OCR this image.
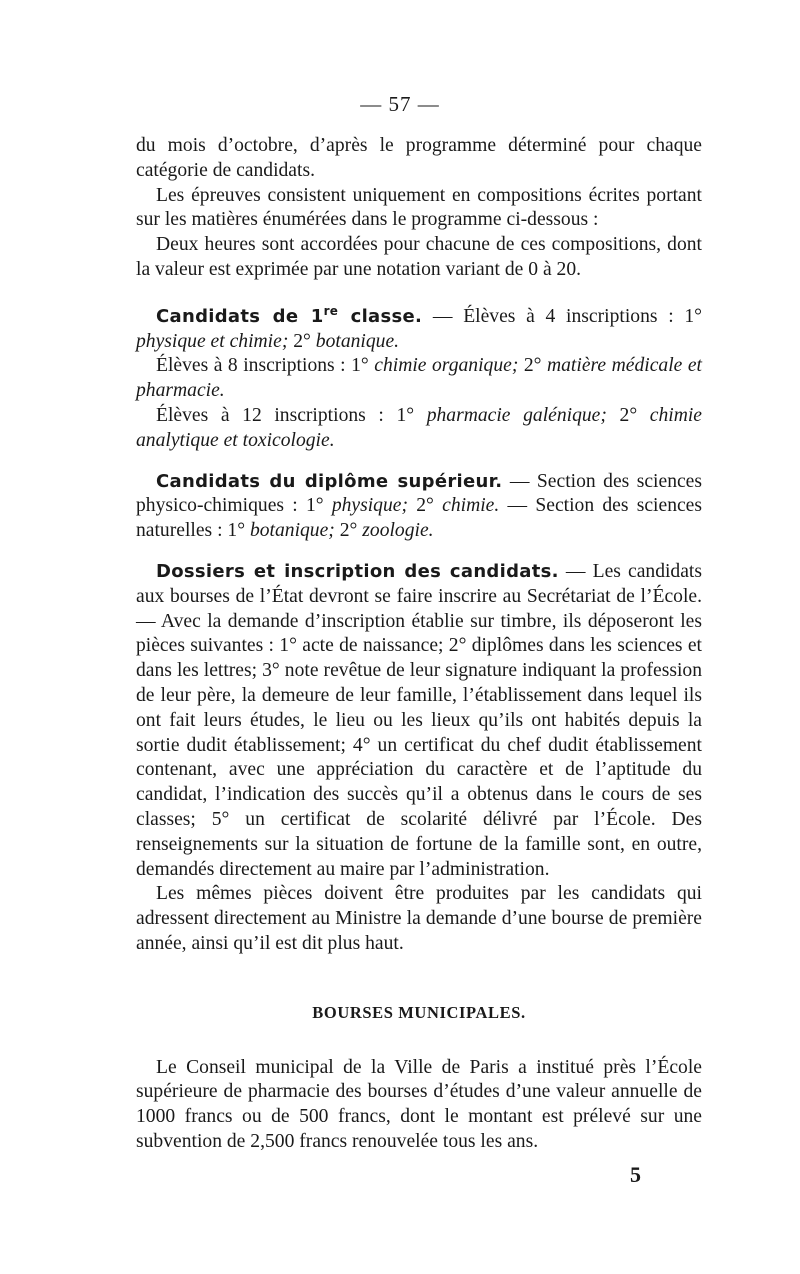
— 57 —

du mois d’octobre, d’après le programme déterminé pour chaque catégorie de candidats.

Les épreuves consistent uniquement en compositions écrites portant sur les matières énumérées dans le programme ci-dessous :

Deux heures sont accordées pour chacune de ces compositions, dont la valeur est exprimée par une notation variant de 0 à 20.

Candidats de 1re classe. — Élèves à 4 inscriptions : 1° physique et chimie; 2° botanique.

Élèves à 8 inscriptions : 1° chimie organique; 2° matière médicale et pharmacie.

Élèves à 12 inscriptions : 1° pharmacie galénique; 2° chimie analytique et toxicologie.

Candidats du diplôme supérieur. — Section des sciences physico-chimiques : 1° physique; 2° chimie. — Section des sciences naturelles : 1° botanique; 2° zoologie.

Dossiers et inscription des candidats. — Les candidats aux bourses de l’État devront se faire inscrire au Secrétariat de l’École. — Avec la demande d’inscription établie sur timbre, ils déposeront les pièces suivantes : 1° acte de naissance; 2° diplômes dans les sciences et dans les lettres; 3° note revêtue de leur signature indiquant la profession de leur père, la demeure de leur famille, l’établissement dans lequel ils ont fait leurs études, le lieu ou les lieux qu’ils ont habités depuis la sortie dudit établissement; 4° un certificat du chef dudit établissement contenant, avec une appréciation du caractère et de l’aptitude du candidat, l’indication des succès qu’il a obtenus dans le cours de ses classes; 5° un certificat de scolarité délivré par l’École. Des renseignements sur la situation de fortune de la famille sont, en outre, demandés directement au maire par l’administration.

Les mêmes pièces doivent être produites par les candidats qui adressent directement au Ministre la demande d’une bourse de première année, ainsi qu’il est dit plus haut.

BOURSES MUNICIPALES.

Le Conseil municipal de la Ville de Paris a institué près l’École supérieure de pharmacie des bourses d’études d’une valeur annuelle de 1000 francs ou de 500 francs, dont le montant est prélevé sur une subvention de 2,500 francs renouvelée tous les ans.

5
